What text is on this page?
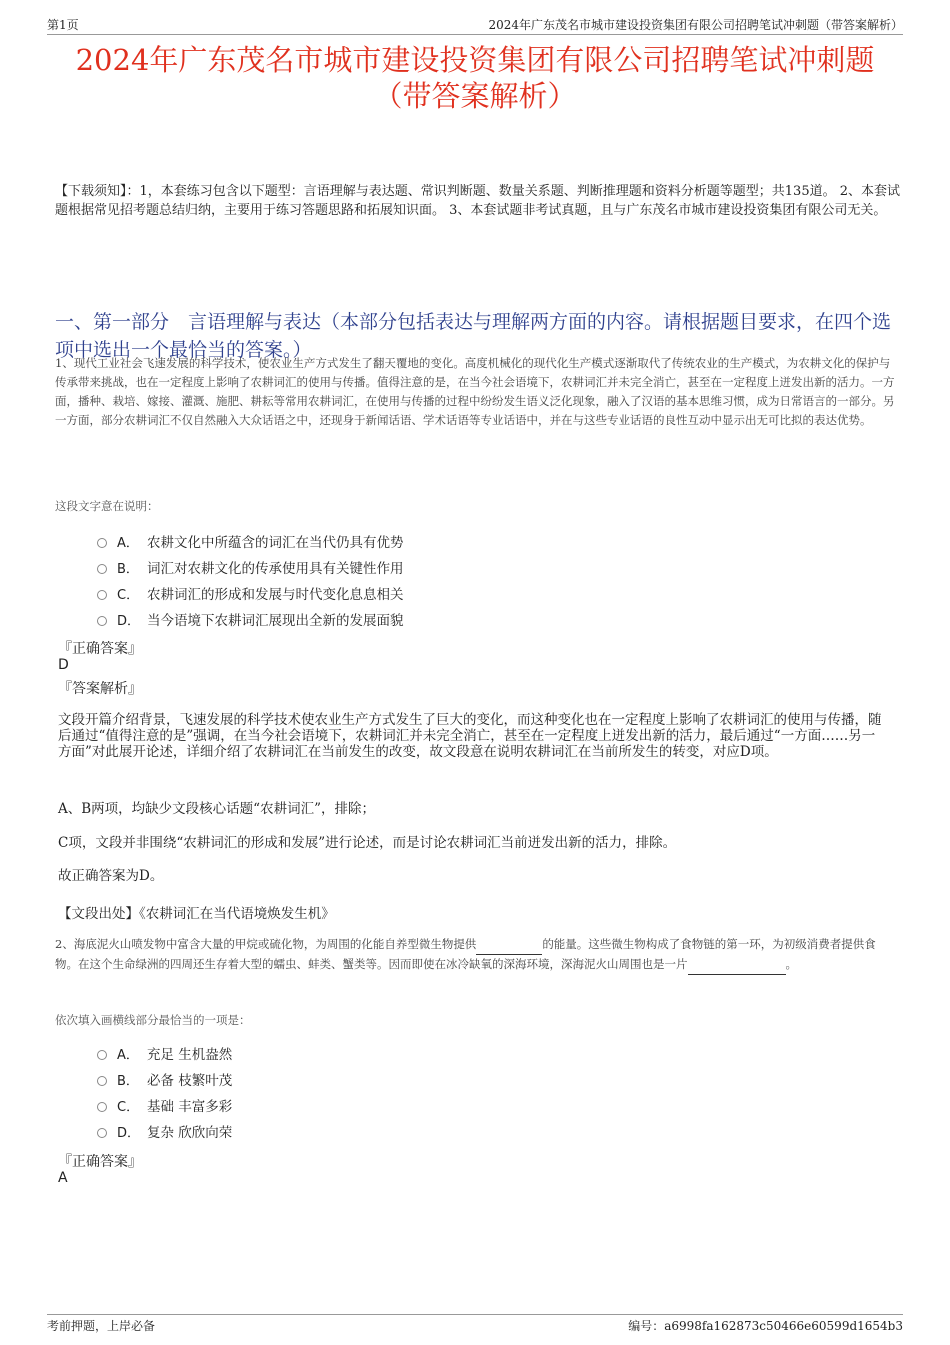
第1页	2024年广东茂名市城市建设投资集团有限公司招聘笔试冲刺题（带答案解析）
2024年广东茂名市城市建设投资集团有限公司招聘笔试冲刺题
（带答案解析）
【下载须知】：1，本套练习包含以下题型：言语理解与表达题、常识判断题、数量关系题、判断推理题和资料分析题等题型；共135道。 2、本套试题根据常见招考题总结归纳，主要用于练习答题思路和拓展知识面。 3、本套试题非考试真题，且与广东茂名市城市建设投资集团有限公司无关。
一、第一部分　言语理解与表达（本部分包括表达与理解两方面的内容。请根据题目要求，在四个选项中选出一个最恰当的答案。）
1、现代工业社会飞速发展的科学技术，使农业生产方式发生了翻天覆地的变化。高度机械化的现代化生产模式逐渐取代了传统农业的生产模式，为农耕文化的保护与传承带来挑战，也在一定程度上影响了农耕词汇的使用与传播。值得注意的是，在当今社会语境下，农耕词汇并未完全消亡，甚至在一定程度上迸发出新的活力。一方面，播种、栽培、嫁接、灌溉、施肥、耕耘等常用农耕词汇，在使用与传播的过程中纷纷发生语义泛化现象，融入了汉语的基本思维习惯，成为日常语言的一部分。另一方面，部分农耕词汇不仅自然融入大众话语之中，还现身于新闻话语、学术话语等专业话语中，并在与这些专业话语的良性互动中显示出无可比拟的表达优势。
这段文字意在说明：
A． 农耕文化中所蕴含的词汇在当代仍具有优势
B． 词汇对农耕文化的传承使用具有关键性作用
C． 农耕词汇的形成和发展与时代变化息息相关
D． 当今语境下农耕词汇展现出全新的发展面貌
『正确答案』
D
『答案解析』
文段开篇介绍背景，飞速发展的科学技术使农业生产方式发生了巨大的变化，而这种变化也在一定程度上影响了农耕词汇的使用与传播，随后通过“值得注意的是”强调，在当今社会语境下，农耕词汇并未完全消亡，甚至在一定程度上迸发出新的活力，最后通过“一方面……另一方面”对此展开论述，详细介绍了农耕词汇在当前发生的改变，故文段意在说明农耕词汇在当前所发生的转变，对应D项。
A、B两项，均缺少文段核心话题“农耕词汇”，排除；
C项，文段并非围绕“农耕词汇的形成和发展”进行论述，而是讨论农耕词汇当前迸发出新的活力，排除。
故正确答案为D。
【文段出处】《农耕词汇在当代语境焕发生机》
2、海底泥火山喷发物中富含大量的甲烷或硫化物，为周围的化能自养型微生物提供	的能量。这些微生物构成了食物链的第一环，为初级消费者提供食物。在这个生命绿洲的四周还生存着大型的蠕虫、蚌类、蟹类等。因而即使在冰冷缺氧的深海环境，深海泥火山周围也是一片	。
依次填入画横线部分最恰当的一项是：
A． 充足 生机盎然
B． 必备 枝繁叶茂
C． 基础 丰富多彩
D． 复杂 欣欣向荣
『正确答案』
A
考前押题，上岸必备	编号：a6998fa162873c50466e60599d1654b3
